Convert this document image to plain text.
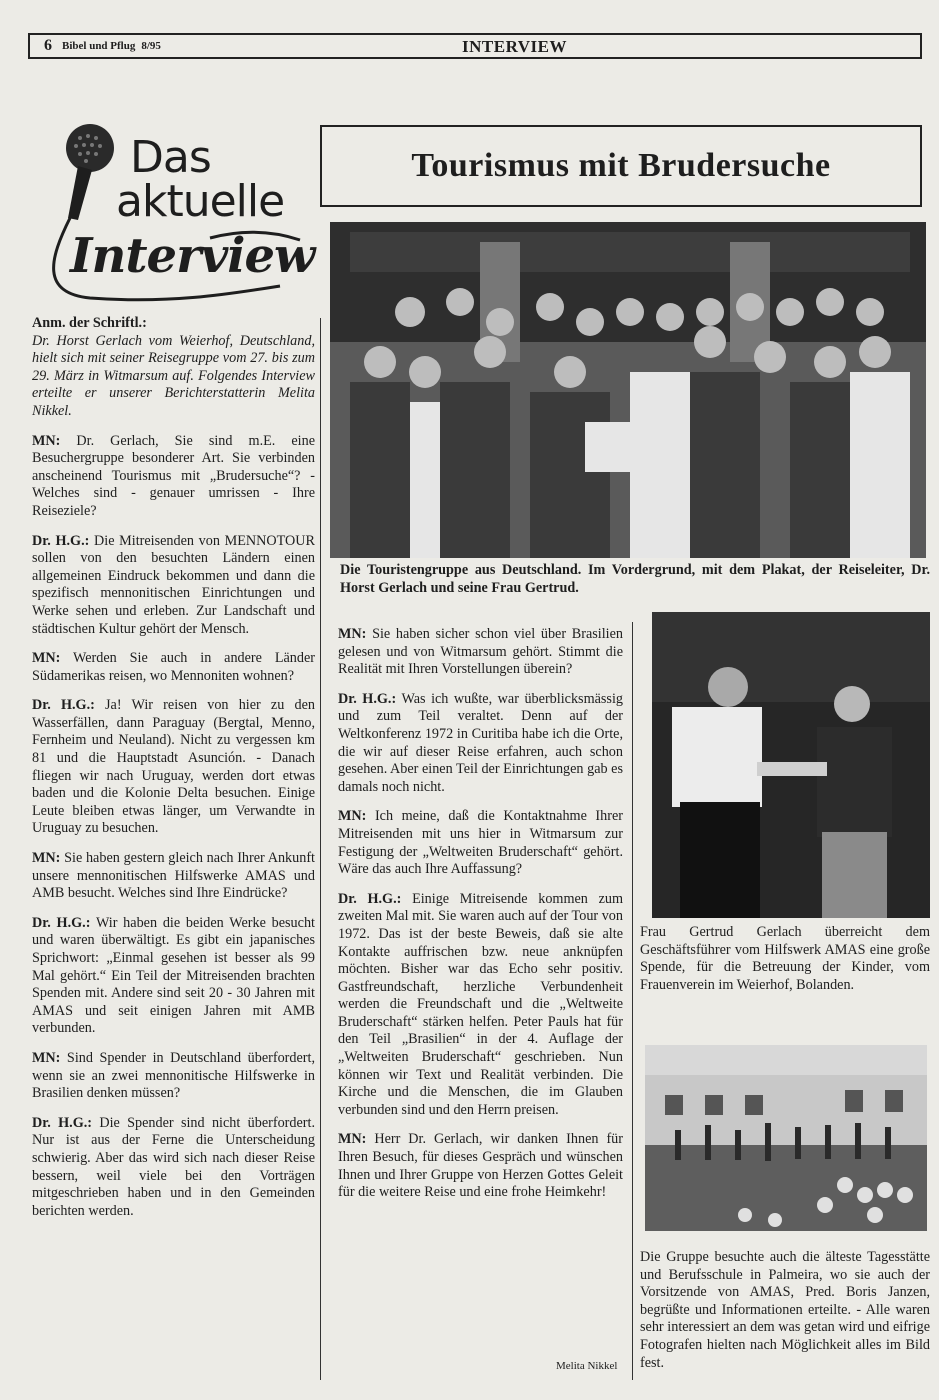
6 Bibel und Pflug 8/95	INTERVIEW
Das
aktuelle
Interview

Anm. der Schriftl.:
Dr. Horst Gerlach vom Weierhof, Deutschland, hielt sich mit seiner Reisegruppe vom 27. bis zum 29. März in Witmarsum auf. Folgendes Interview erteilte er unserer Berichterstatterin Melita Nikkel.

MN: Dr. Gerlach, Sie sind m.E. eine Besuchergruppe besonderer Art. Sie verbinden anscheinend Tourismus mit „Brudersuche“? - Welches sind - genauer umrissen - Ihre Reiseziele?

Dr. H.G.: Die Mitreisenden von MENNOTOUR sollen von den besuchten Ländern einen allgemeinen Eindruck bekommen und dann die spezifisch mennonitischen Einrichtungen und Werke sehen und erleben. Zur Landschaft und städtischen Kultur gehört der Mensch.

MN: Werden Sie auch in andere Länder Südamerikas reisen, wo Mennoniten wohnen?

Dr. H.G.: Ja! Wir reisen von hier zu den Wasserfällen, dann Paraguay (Bergtal, Menno, Fernheim und Neuland). Nicht zu vergessen km 81 und die Hauptstadt Asunción. - Danach fliegen wir nach Uruguay, werden dort etwas baden und die Kolonie Delta besuchen. Einige Leute bleiben etwas länger, um Verwandte in Uruguay zu besuchen.

MN: Sie haben gestern gleich nach Ihrer Ankunft unsere mennonitischen Hilfswerke AMAS und AMB besucht. Welches sind Ihre Eindrücke?

Dr. H.G.: Wir haben die beiden Werke besucht und waren überwältigt. Es gibt ein japanisches Sprichwort: „Einmal gesehen ist besser als 99 Mal gehört.“ Ein Teil der Mitreisenden brachten Spenden mit. Andere sind seit 20 - 30 Jahren mit AMAS und seit einigen Jahren mit AMB verbunden.

MN: Sind Spender in Deutschland überfordert, wenn sie an zwei mennonitische Hilfswerke in Brasilien denken müssen?

Dr. H.G.: Die Spender sind nicht überfordert. Nur ist aus der Ferne die Unterscheidung schwierig. Aber das wird sich nach dieser Reise bessern, weil viele bei den Vorträgen mitgeschrieben haben und in den Gemeinden berichten werden.

Tourismus mit Brudersuche
Die Touristengruppe aus Deutschland. Im Vordergrund, mit dem Plakat, der Reiseleiter, Dr. Horst Gerlach und seine Frau Gertrud.

MN: Sie haben sicher schon viel über Brasilien gelesen und von Witmarsum gehört. Stimmt die Realität mit Ihren Vorstellungen überein?

Dr. H.G.: Was ich wußte, war überblicksmässig und zum Teil veraltet. Denn auf der Weltkonferenz 1972 in Curitiba habe ich die Orte, die wir auf dieser Reise erfahren, auch schon gesehen. Aber einen Teil der Einrichtungen gab es damals noch nicht.

MN: Ich meine, daß die Kontaktnahme Ihrer Mitreisenden mit uns hier in Witmarsum zur Festigung der „Weltweiten Bruderschaft“ gehört. Wäre das auch Ihre Auffassung?

Dr. H.G.: Einige Mitreisende kommen zum zweiten Mal mit. Sie waren auch auf der Tour von 1972. Das ist der beste Beweis, daß sie alte Kontakte auffrischen bzw. neue anknüpfen möchten. Bisher war das Echo sehr positiv. Gastfreundschaft, herzliche Verbundenheit werden die Freundschaft und die „Weltweite Bruderschaft“ stärken helfen. Peter Pauls hat für den Teil „Brasilien“ in der 4. Auflage der „Weltweiten Bruderschaft“ geschrieben. Nun können wir Text und Realität verbinden. Die Kirche und die Menschen, die im Glauben verbunden sind und den Herrn preisen.

MN: Herr Dr. Gerlach, wir danken Ihnen für Ihren Besuch, für dieses Gespräch und wünschen Ihnen und Ihrer Gruppe von Herzen Gottes Geleit für die weitere Reise und eine frohe Heimkehr!

Melita Nikkel
Frau Gertrud Gerlach überreicht dem Geschäftsführer vom Hilfswerk AMAS eine große Spende, für die Betreuung der Kinder, vom Frauenverein im Weierhof, Bolanden.
Die Gruppe besuchte auch die älteste Tagesstätte und Berufsschule in Palmeira, wo sie auch der Vorsitzende von AMAS, Pred. Boris Janzen, begrüßte und Informationen erteilte. - Alle waren sehr interessiert an dem was getan wird und eifrige Fotografen hielten nach Möglichkeit alles im Bild fest.
